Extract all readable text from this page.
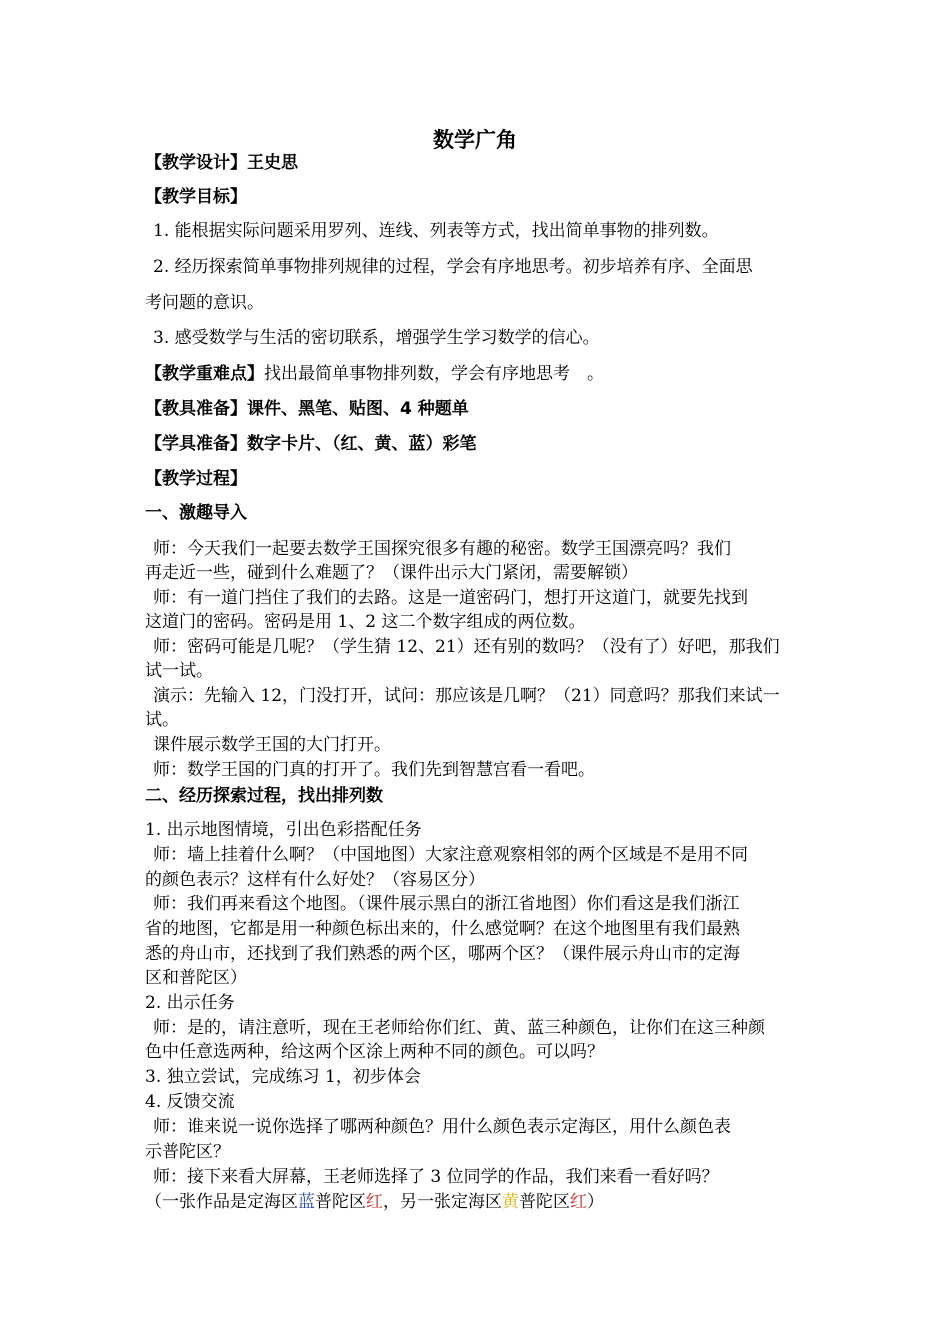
数学广角
【教学设计】王史思
【教学目标】
1. 能根据实际问题采用罗列、连线、列表等方式，找出简单事物的排列数。
2. 经历探索简单事物排列规律的过程，学会有序地思考。初步培养有序、全面思
考问题的意识。
3. 感受数学与生活的密切联系，增强学生学习数学的信心。
【教学重难点】找出最简单事物排列数，学会有序地思考　。
【教具准备】课件、黑笔、贴图、4 种题单
【学具准备】数字卡片、（红、黄、蓝）彩笔
【教学过程】
一、激趣导入
师：今天我们一起要去数学王国探究很多有趣的秘密。数学王国漂亮吗？我们
再走近一些，碰到什么难题了？（课件出示大门紧闭，需要解锁）
师：有一道门挡住了我们的去路。这是一道密码门，想打开这道门，就要先找到
这道门的密码。密码是用 1、2 这二个数字组成的两位数。
师：密码可能是几呢？（学生猜 12、21）还有别的数吗？（没有了）好吧，那我们
试一试。
演示：先输入 12，门没打开，试问：那应该是几啊？（21）同意吗？那我们来试一
试。
课件展示数学王国的大门打开。
师：数学王国的门真的打开了。我们先到智慧宫看一看吧。
二、经历探索过程，找出排列数
1. 出示地图情境，引出色彩搭配任务
师：墙上挂着什么啊？（中国地图）大家注意观察相邻的两个区域是不是用不同
的颜色表示？这样有什么好处？（容易区分）
师：我们再来看这个地图。（课件展示黑白的浙江省地图）你们看这是我们浙江
省的地图，它都是用一种颜色标出来的，什么感觉啊？在这个地图里有我们最熟
悉的舟山市，还找到了我们熟悉的两个区，哪两个区？（课件展示舟山市的定海
区和普陀区）
2. 出示任务
师：是的，请注意听，现在王老师给你们红、黄、蓝三种颜色，让你们在这三种颜
色中任意选两种，给这两个区涂上两种不同的颜色。可以吗？
3. 独立尝试，完成练习 1，初步体会
4. 反馈交流
师：谁来说一说你选择了哪两种颜色？用什么颜色表示定海区，用什么颜色表
示普陀区？
师：接下来看大屏幕，王老师选择了 3 位同学的作品，我们来看一看好吗？
（一张作品是定海区蓝普陀区红，另一张定海区黄普陀区红）
